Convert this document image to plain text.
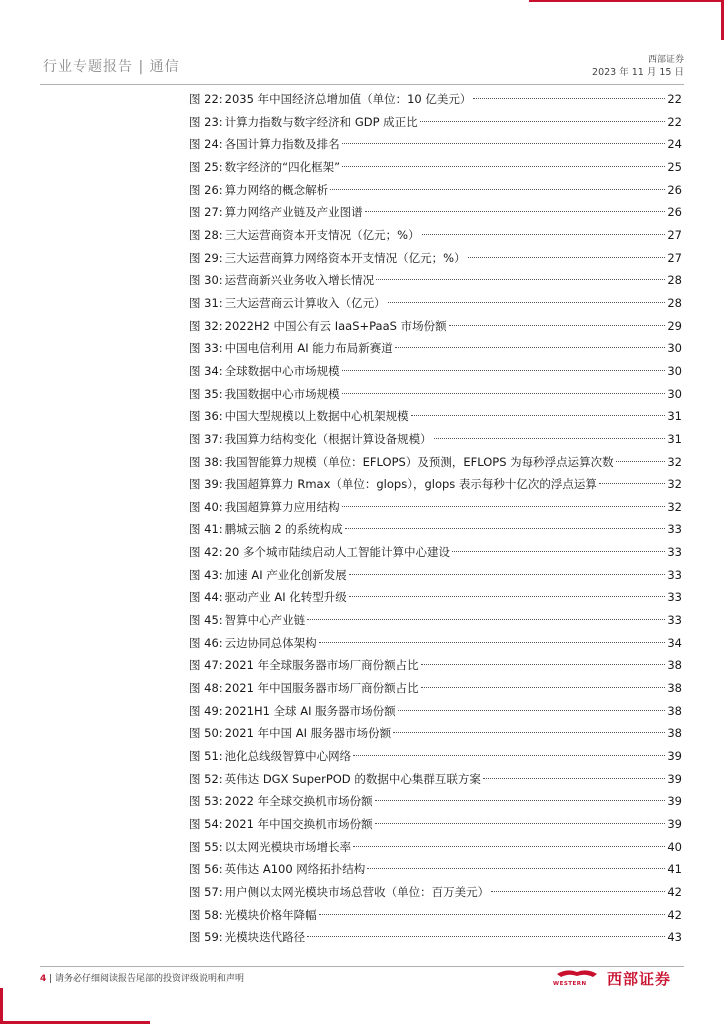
行业专题报告 | 通信	西部证券
2023 年 11 月 15 日
图 22: 2035 年中国经济总增加值（单位：10 亿美元）	22
图 23: 计算力指数与数字经济和 GDP 成正比	22
图 24: 各国计算力指数及排名	24
图 25: 数字经济的“四化框架”	25
图 26: 算力网络的概念解析	26
图 27: 算力网络产业链及产业图谱	26
图 28: 三大运营商资本开支情况（亿元；%）	27
图 29: 三大运营商算力网络资本开支情况（亿元；%）	27
图 30: 运营商新兴业务收入增长情况	28
图 31: 三大运营商云计算收入（亿元）	28
图 32: 2022H2 中国公有云 IaaS+PaaS 市场份额	29
图 33: 中国电信利用 AI 能力布局新赛道	30
图 34: 全球数据中心市场规模	30
图 35: 我国数据中心市场规模	30
图 36: 中国大型规模以上数据中心机架规模	31
图 37: 我国算力结构变化（根据计算设备规模）	31
图 38: 我国智能算力规模（单位：EFLOPS）及预测，EFLOPS 为每秒浮点运算次数	32
图 39: 我国超算算力 Rmax（单位：glops），glops 表示每秒十亿次的浮点运算	32
图 40: 我国超算算力应用结构	32
图 41: 鹏城云脑 2 的系统构成	33
图 42: 20 多个城市陆续启动人工智能计算中心建设	33
图 43: 加速 AI 产业化创新发展	33
图 44: 驱动产业 AI 化转型升级	33
图 45: 智算中心产业链	33
图 46: 云边协同总体架构	34
图 47: 2021 年全球服务器市场厂商份额占比	38
图 48: 2021 年中国服务器市场厂商份额占比	38
图 49: 2021H1 全球 AI 服务器市场份额	38
图 50: 2021 年中国 AI 服务器市场份额	38
图 51: 池化总线级智算中心网络	39
图 52: 英伟达 DGX SuperPOD 的数据中心集群互联方案	39
图 53: 2022 年全球交换机市场份额	39
图 54: 2021 年中国交换机市场份额	39
图 55: 以太网光模块市场增长率	40
图 56: 英伟达 A100 网络拓扑结构	41
图 57: 用户侧以太网光模块市场总营收（单位：百万美元）	42
图 58: 光模块价格年降幅	42
图 59: 光模块迭代路径	43
4 | 请务必仔细阅读报告尾部的投资评级说明和声明	WESTERN 西部证券
